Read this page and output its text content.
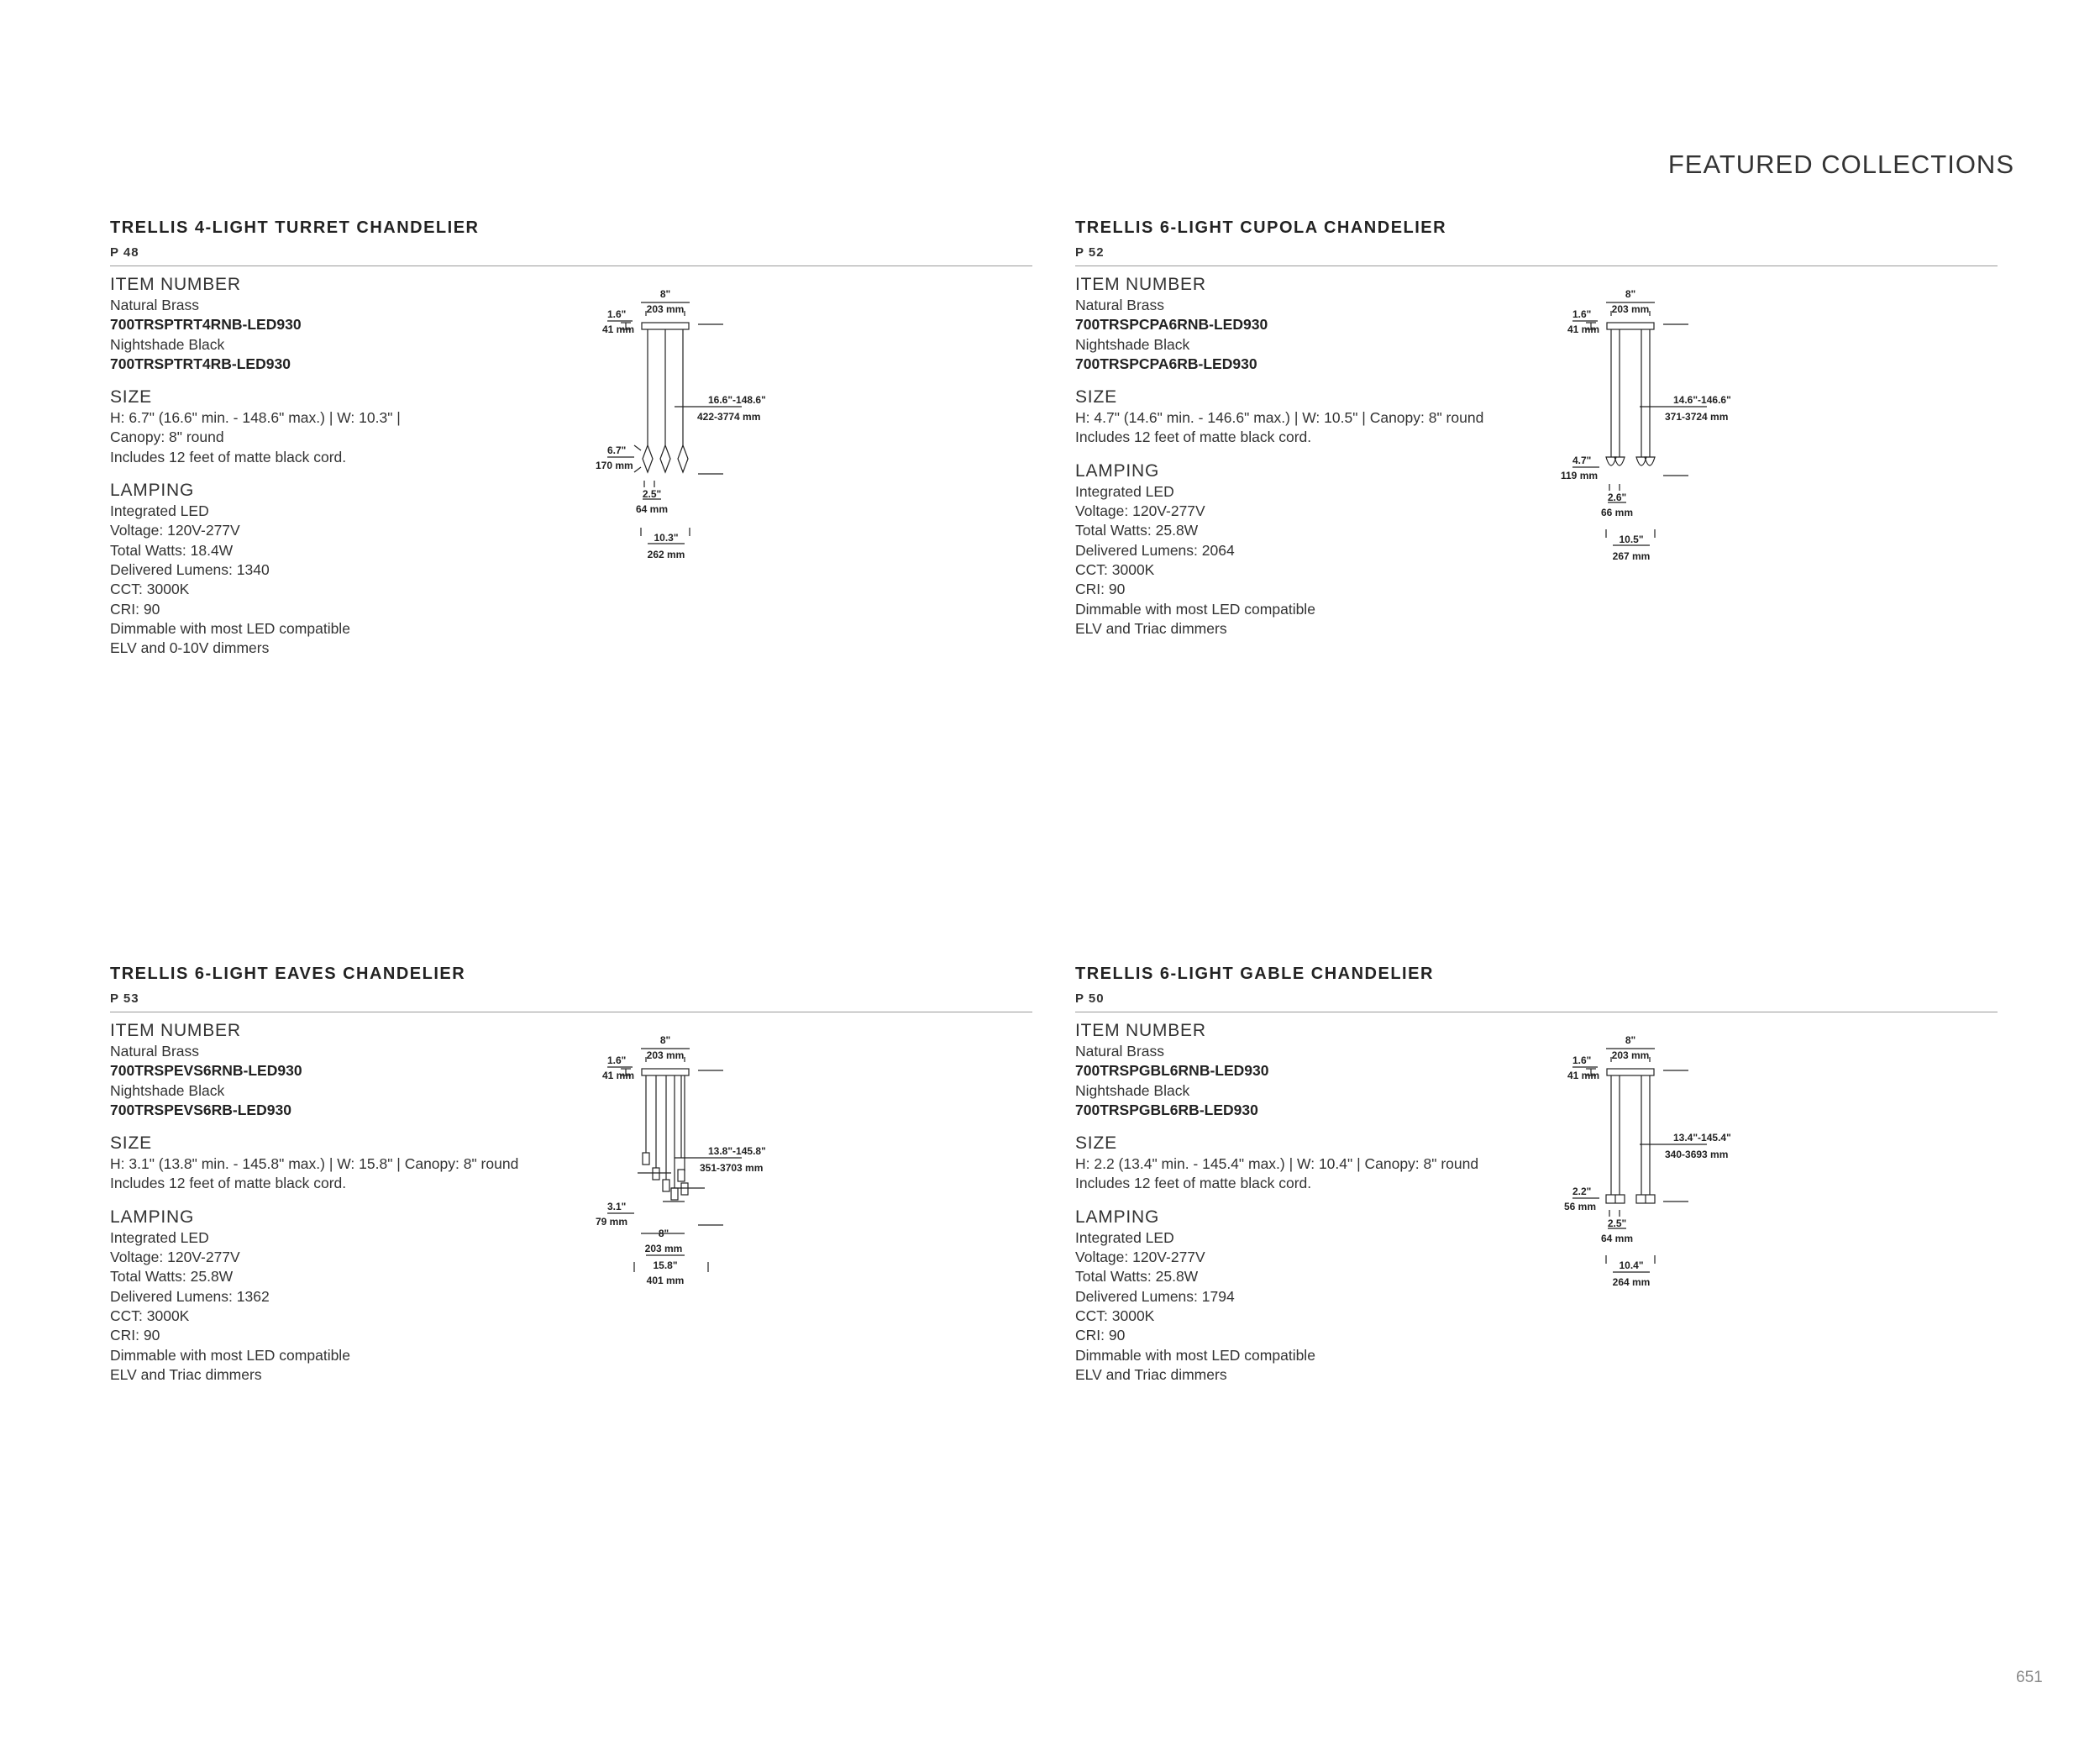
FEATURED COLLECTIONS
TRELLIS 4-LIGHT TURRET CHANDELIER
P 48
ITEM NUMBER
Natural Brass
700TRSPTRT4RNB-LED930
Nightshade Black
700TRSPTRT4RB-LED930
SIZE
H: 6.7" (16.6" min. - 148.6" max.) | W: 10.3" |
Canopy: 8" round
Includes 12 feet of matte black cord.
LAMPING
Integrated LED
Voltage: 120V-277V
Total Watts: 18.4W
Delivered Lumens: 1340
CCT: 3000K
CRI: 90
Dimmable with most LED compatible
ELV and 0-10V dimmers
8"
203 mm
1.6"
41 mm
16.6"-148.6"
422-3774 mm
6.7"
170 mm
2.5"
64 mm
10.3"
262 mm
TRELLIS 6-LIGHT CUPOLA CHANDELIER
P 52
ITEM NUMBER
Natural Brass
700TRSPCPA6RNB-LED930
Nightshade Black
700TRSPCPA6RB-LED930
SIZE
H: 4.7" (14.6" min. - 146.6" max.) | W: 10.5" | Canopy: 8" round
Includes 12 feet of matte black cord.
LAMPING
Integrated LED
Voltage: 120V-277V
Total Watts: 25.8W
Delivered Lumens: 2064
CCT: 3000K
CRI: 90
Dimmable with most LED compatible
ELV and Triac dimmers
8"
203 mm
1.6"
41 mm
14.6"-146.6"
371-3724 mm
4.7"
119 mm
2.6"
66 mm
10.5"
267 mm
TRELLIS 6-LIGHT EAVES CHANDELIER
P 53
ITEM NUMBER
Natural Brass
700TRSPEVS6RNB-LED930
Nightshade Black
700TRSPEVS6RB-LED930
SIZE
H: 3.1" (13.8" min. - 145.8" max.) | W: 15.8" | Canopy: 8" round
Includes 12 feet of matte black cord.
LAMPING
Integrated LED
Voltage: 120V-277V
Total Watts: 25.8W
Delivered Lumens: 1362
CCT: 3000K
CRI: 90
Dimmable with most LED compatible
ELV and Triac dimmers
8"
203 mm
1.6"
41 mm
13.8"-145.8"
351-3703 mm
3.1"
79 mm
8"
203 mm
15.8"
401 mm
TRELLIS 6-LIGHT GABLE CHANDELIER
P 50
ITEM NUMBER
Natural Brass
700TRSPGBL6RNB-LED930
Nightshade Black
700TRSPGBL6RB-LED930
SIZE
H: 2.2 (13.4" min. - 145.4" max.) | W: 10.4" | Canopy: 8" round
Includes 12 feet of matte black cord.
LAMPING
Integrated LED
Voltage: 120V-277V
Total Watts: 25.8W
Delivered Lumens: 1794
CCT: 3000K
CRI: 90
Dimmable with most LED compatible
ELV and Triac dimmers
8"
203 mm
1.6"
41 mm
13.4"-145.4"
340-3693 mm
2.2"
56 mm
2.5"
64 mm
10.4"
264 mm
651
